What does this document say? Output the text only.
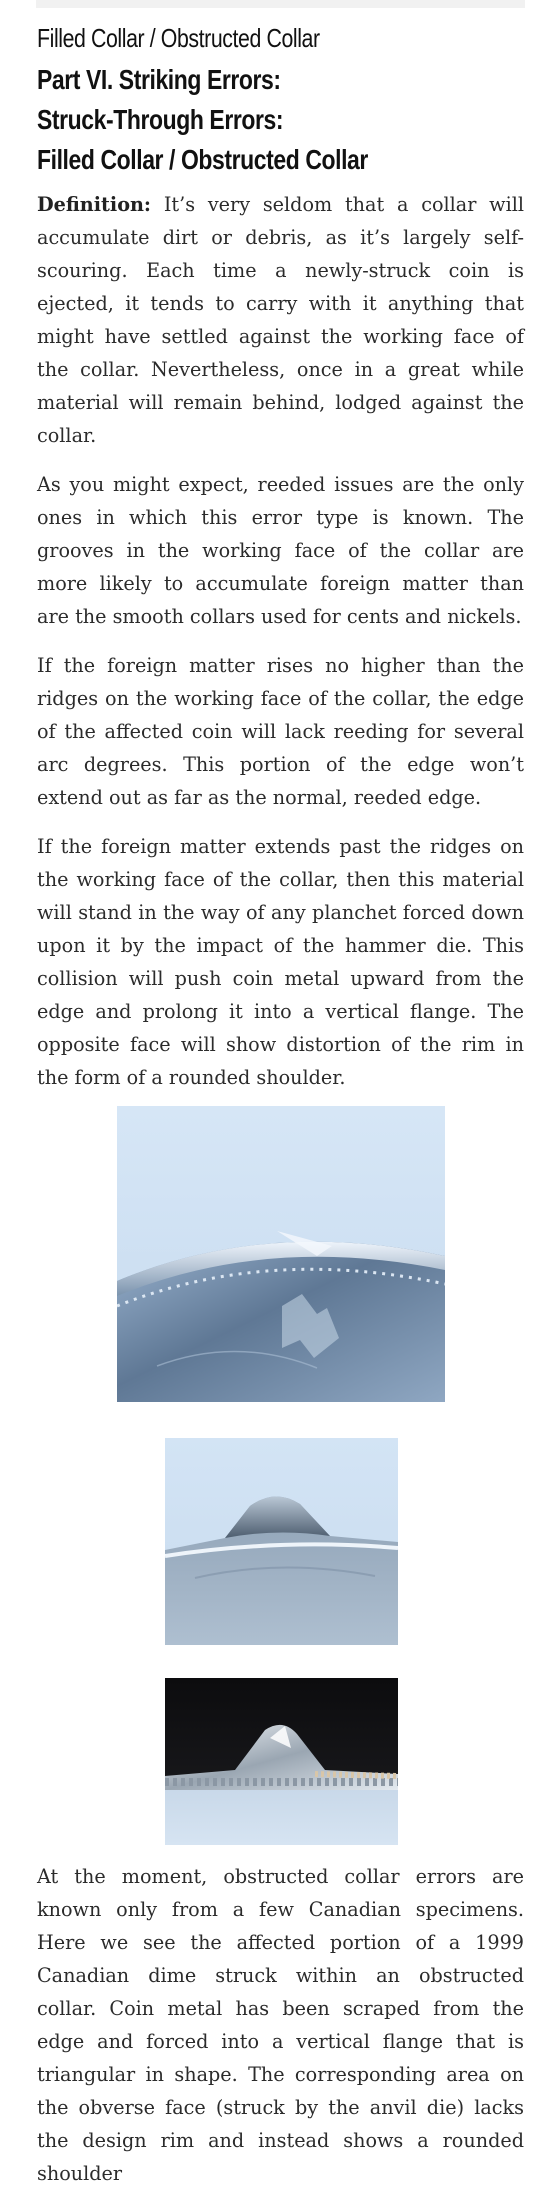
Filled Collar / Obstructed Collar
Part VI. Striking Errors:
Struck-Through Errors:
Filled Collar / Obstructed Collar

Definition: It’s very seldom that a collar will accumulate dirt or debris, as it’s largely self-scouring. Each time a newly-struck coin is ejected, it tends to carry with it anything that might have settled against the working face of the collar. Nevertheless, once in a great while material will remain behind, lodged against the collar.

As you might expect, reeded issues are the only ones in which this error type is known. The grooves in the working face of the collar are more likely to accumulate foreign matter than are the smooth collars used for cents and nickels.

If the foreign matter rises no higher than the ridges on the working face of the collar, the edge of the affected coin will lack reeding for several arc degrees. This portion of the edge won’t extend out as far as the normal, reeded edge.

If the foreign matter extends past the ridges on the working face of the collar, then this material will stand in the way of any planchet forced down upon it by the impact of the hammer die. This collision will push coin metal upward from the edge and prolong it into a vertical flange. The opposite face will show distortion of the rim in the form of a rounded shoulder.

At the moment, obstructed collar errors are known only from a few Canadian specimens. Here we see the affected portion of a 1999 Canadian dime struck within an obstructed collar. Coin metal has been scraped from the edge and forced into a vertical flange that is triangular in shape. The corresponding area on the obverse face (struck by the anvil die) lacks the design rim and instead shows a rounded shoulder
